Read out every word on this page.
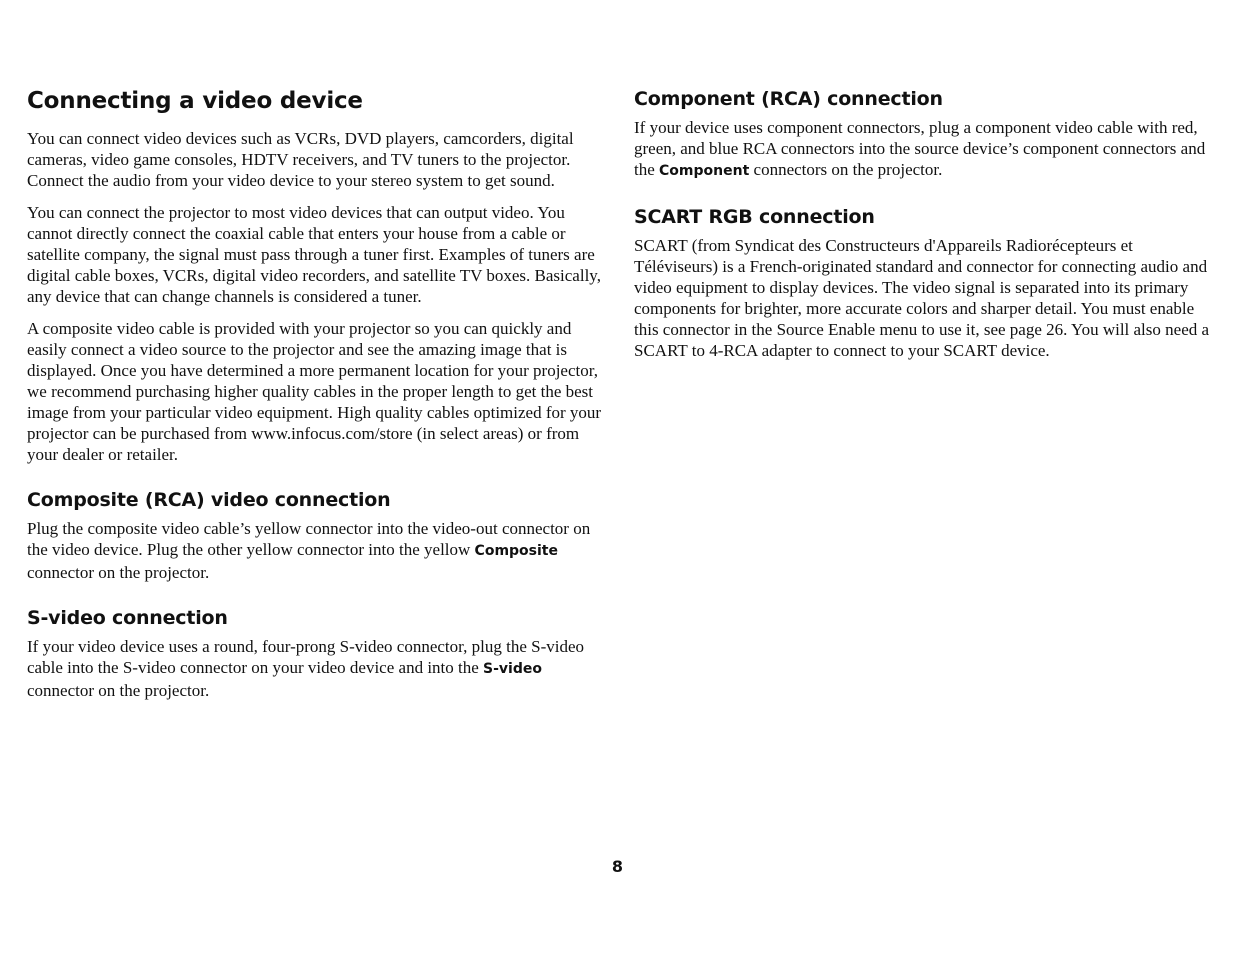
Connecting a video device

You can connect video devices such as VCRs, DVD players, camcorders, digital cameras, video game consoles, HDTV receivers, and TV tuners to the projector. Connect the audio from your video device to your stereo system to get sound.

You can connect the projector to most video devices that can output video. You cannot directly connect the coaxial cable that enters your house from a cable or satellite company, the signal must pass through a tuner first. Examples of tuners are digital cable boxes, VCRs, digital video recorders, and satellite TV boxes. Basically, any device that can change channels is considered a tuner.

A composite video cable is provided with your projector so you can quickly and easily connect a video source to the projector and see the amazing image that is displayed. Once you have determined a more permanent location for your projector, we recommend purchasing higher quality cables in the proper length to get the best image from your particular video equipment. High quality cables optimized for your projector can be purchased from www.infocus.com/store (in select areas) or from your dealer or retailer.

Composite (RCA) video connection

Plug the composite video cable’s yellow connector into the video-out connector on the video device. Plug the other yellow connector into the yellow Composite connector on the projector.

S-video connection

If your video device uses a round, four-prong S-video connector, plug the S-video cable into the S-video connector on your video device and into the S-video connector on the projector.

Component (RCA) connection

If your device uses component connectors, plug a component video cable with red, green, and blue RCA connectors into the source device’s component connectors and the Component connectors on the projector.

SCART RGB connection

SCART (from Syndicat des Constructeurs d'Appareils Radiorécepteurs et Téléviseurs) is a French-originated standard and connector for connecting audio and video equipment to display devices. The video signal is separated into its primary components for brighter, more accurate colors and sharper detail. You must enable this connector in the Source Enable menu to use it, see page 26. You will also need a SCART to 4-RCA adapter to connect to your SCART device.

8
